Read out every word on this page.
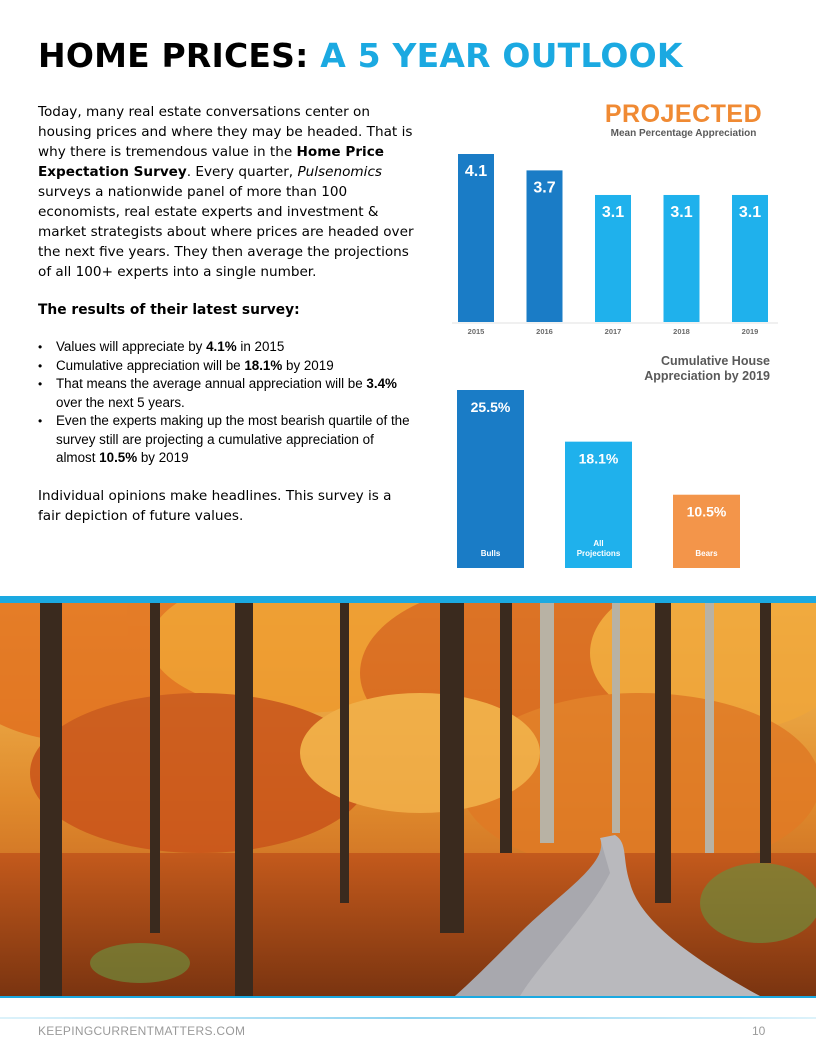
HOME PRICES: A 5 YEAR OUTLOOK

Today, many real estate conversations center on housing prices and where they may be headed. That is why there is tremendous value in the Home Price Expectation Survey. Every quarter, Pulsenomics surveys a nationwide panel of more than 100 economists, real estate experts and investment & market strategists about where prices are headed over the next five years. They then average the projections of all 100+ experts into a single number.

The results of their latest survey:
• Values will appreciate by 4.1% in 2015
• Cumulative appreciation will be 18.1% by 2019
• That means the average annual appreciation will be 3.4% over the next 5 years.
• Even the experts making up the most bearish quartile of the survey still are projecting a cumulative appreciation of almost 10.5% by 2019

Individual opinions make headlines. This survey is a fair depiction of future values.

PROJECTED
Mean Percentage Appreciation
4.1
2015
3.7
2016
3.1
2017
3.1
2018
3.1
2019
Cumulative House Appreciation by 2019
25.5%
Bulls
18.1%
All
Projections
10.5%
Bears
KEEPINGCURRENTMATTERS.COM	10
